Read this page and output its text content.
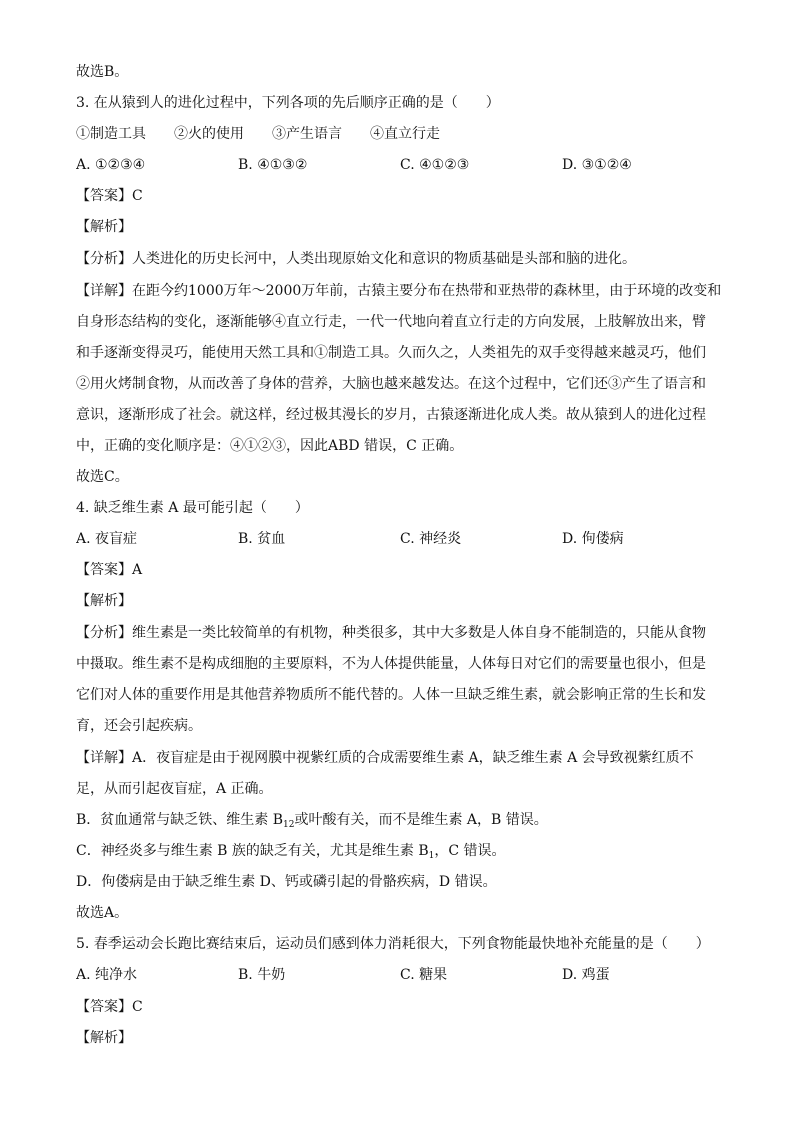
故选B。
3. 在从猿到人的进化过程中，下列各项的先后顺序正确的是（　　）
①制造工具 ②火的使用 ③产生语言 ④直立行走
A. ①②③④	B. ④①③②	C. ④①②③	D. ③①②④
【答案】C
【解析】
【分析】人类进化的历史长河中，人类出现原始文化和意识的物质基础是头部和脑的进化。
【详解】在距今约1000万年～2000万年前，古猿主要分布在热带和亚热带的森林里，由于环境的改变和
自身形态结构的变化，逐渐能够④直立行走，一代一代地向着直立行走的方向发展，上肢解放出来，臂
和手逐渐变得灵巧，能使用天然工具和①制造工具。久而久之，人类祖先的双手变得越来越灵巧，他们
②用火烤制食物，从而改善了身体的营养，大脑也越来越发达。在这个过程中，它们还③产生了语言和
意识，逐渐形成了社会。就这样，经过极其漫长的岁月，古猿逐渐进化成人类。故从猿到人的进化过程
中，正确的变化顺序是：④①②③，因此ABD 错误，C 正确。
故选C。
4. 缺乏维生素 A 最可能引起（　　）
A. 夜盲症	B. 贫血	C. 神经炎	D. 佝偻病
【答案】A
【解析】
【分析】维生素是一类比较简单的有机物，种类很多，其中大多数是人体自身不能制造的，只能从食物
中摄取。维生素不是构成细胞的主要原料，不为人体提供能量，人体每日对它们的需要量也很小，但是
它们对人体的重要作用是其他营养物质所不能代替的。人体一旦缺乏维生素，就会影响正常的生长和发
育，还会引起疾病。
【详解】A．夜盲症是由于视网膜中视紫红质的合成需要维生素 A，缺乏维生素 A 会导致视紫红质不
足，从而引起夜盲症，A 正确。
B．贫血通常与缺乏铁、维生素 $B_{12}$或叶酸有关，而不是维生素 A，B 错误。
C．神经炎多与维生素 B 族的缺乏有关，尤其是维生素 $B_1$，C 错误。
D．佝偻病是由于缺乏维生素 D、钙或磷引起的骨骼疾病，D 错误。
故选A。
5. 春季运动会长跑比赛结束后，运动员们感到体力消耗很大，下列食物能最快地补充能量的是（　　）
A. 纯净水	B. 牛奶	C. 糖果	D. 鸡蛋
【答案】C
【解析】
